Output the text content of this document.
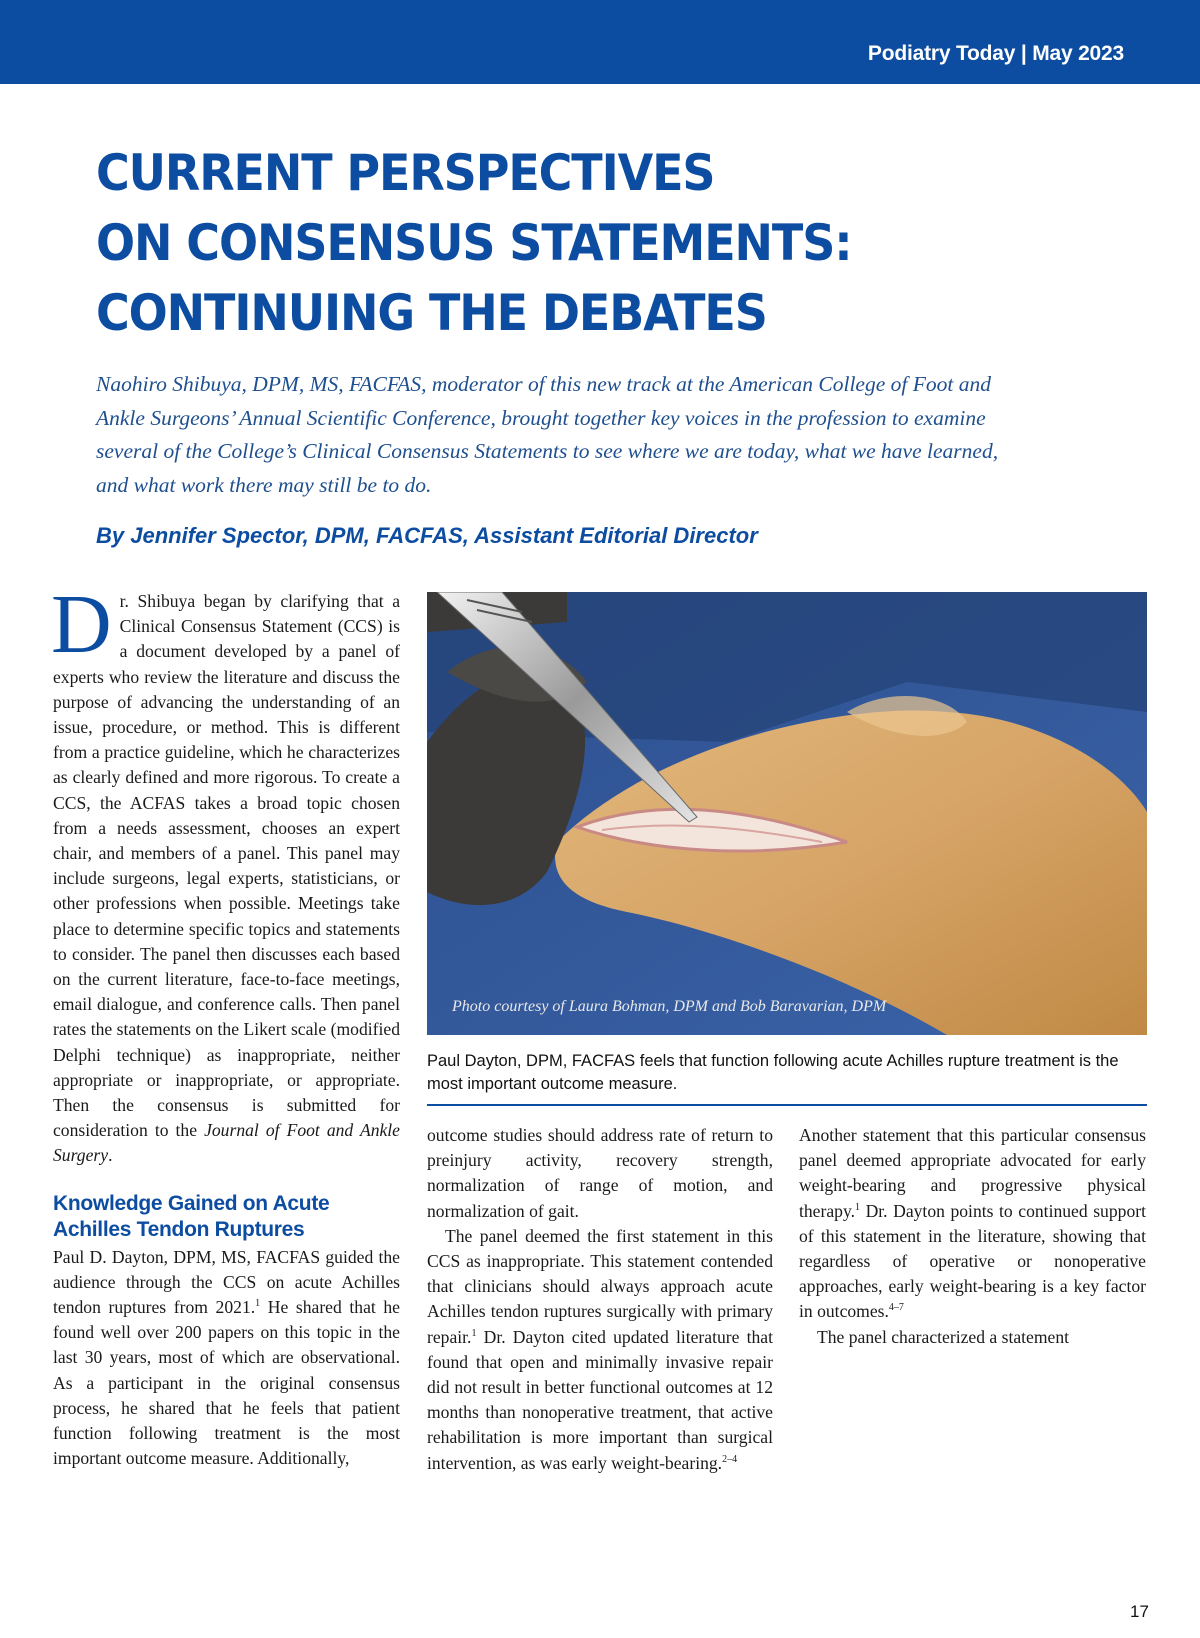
Podiatry Today | May 2023
CURRENT PERSPECTIVES
ON CONSENSUS STATEMENTS:
CONTINUING THE DEBATES

Naohiro Shibuya, DPM, MS, FACFAS, moderator of this new track at the American College of Foot and Ankle Surgeons’ Annual Scientific Conference, brought together key voices in the profession to examine several of the College’s Clinical Consensus Statements to see where we are today, what we have learned, and what work there may still be to do.

By Jennifer Spector, DPM, FACFAS, Assistant Editorial Director

D r. Shibuya began by clarifying that a Clinical Consensus Statement (CCS) is a document developed by a panel of experts who review the literature and discuss the purpose of advancing the understanding of an issue, procedure, or method. This is different from a practice guideline, which he characterizes as clearly defined and more rigorous. To create a CCS, the ACFAS takes a broad topic chosen from a needs assessment, chooses an expert chair, and members of a panel. This panel may include surgeons, legal experts, statisticians, or other professions when possible. Meetings take place to determine specific topics and statements to consider. The panel then discusses each based on the current literature, face-to-face meetings, email dialogue, and conference calls. Then panel rates the statements on the Likert scale (modified Delphi technique) as inappropriate, neither appropriate or inappropriate, or appropriate. Then the consensus is submitted for consideration to the Journal of Foot and Ankle Surgery.

Knowledge Gained on Acute Achilles Tendon Ruptures

Paul D. Dayton, DPM, MS, FACFAS guided the audience through the CCS on acute Achilles tendon ruptures from 2021.$^1$ He shared that he found well over 200 papers on this topic in the last 30 years, most of which are observational. As a participant in the original consensus process, he shared that he feels that patient function following treatment is the most important outcome measure. Additionally,

Photo courtesy of Laura Bohman, DPM and Bob Baravarian, DPM
Paul Dayton, DPM, FACFAS feels that function following acute Achilles rupture treatment is the most important outcome measure.

outcome studies should address rate of return to preinjury activity, recovery strength, normalization of range of motion, and normalization of gait.

The panel deemed the first statement in this CCS as inappropriate. This statement contended that clinicians should always approach acute Achilles tendon ruptures surgically with primary repair.$^1$ Dr. Dayton cited updated literature that found that open and minimally invasive repair did not result in better functional outcomes at 12 months than nonoperative treatment, that active rehabilitation is more important than surgical intervention, as was early weight-bearing.$^{2-4}$

Another statement that this particular consensus panel deemed appropriate advocated for early weight-bearing and progressive physical therapy.$^1$ Dr. Dayton points to continued support of this statement in the literature, showing that regardless of operative or nonoperative approaches, early weight-bearing is a key factor in outcomes.$^{4-7}$

The panel characterized a statement

17
